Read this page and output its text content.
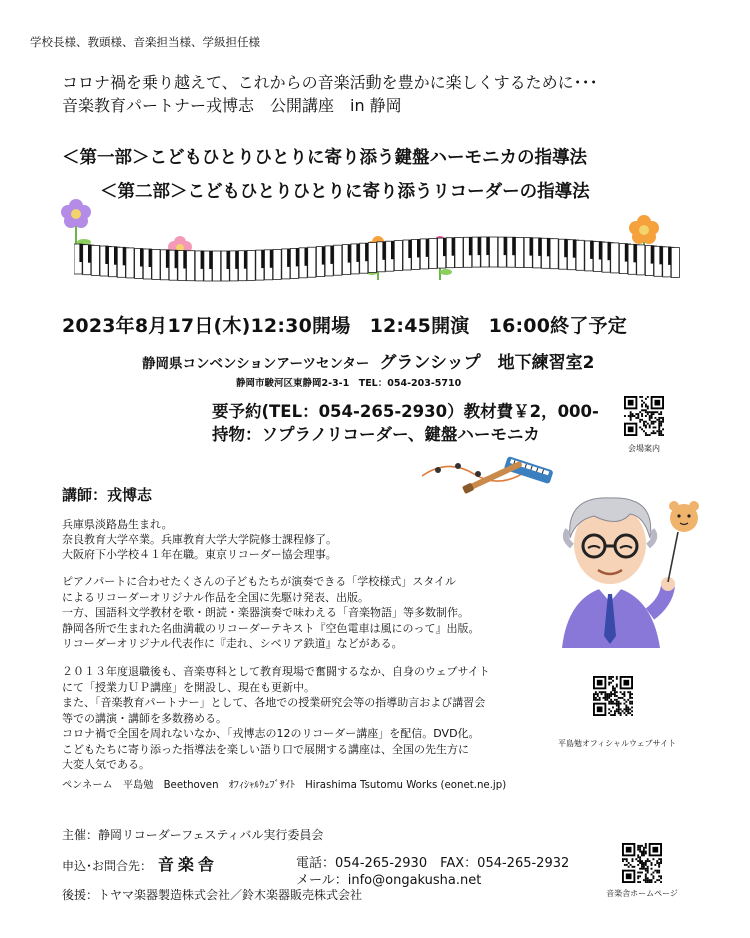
学校長様、教頭様、音楽担当様、学級担任様
コロナ禍を乗り越えて、これからの音楽活動を豊かに楽しくするために･･･
音楽教育パートナー戎博志　公開講座　in 静岡
＜第一部＞こどもひとりひとりに寄り添う鍵盤ハーモニカの指導法
＜第二部＞こどもひとりひとりに寄り添うリコーダーの指導法
2023年8月17日(木)12:30開場　12:45開演　16:00終了予定
静岡県コンベンションアーツセンター グランシップ　地下練習室2
静岡市駿河区東静岡2-3-1　TEL：054-203-5710
要予約(TEL：054-265-2930）教材費￥2，000-
持物：ソプラノリコーダー、鍵盤ハーモニカ
会場案内
講師：戎博志
兵庫県淡路島生まれ。
奈良教育大学卒業。兵庫教育大学大学院修士課程修了。
大阪府下小学校４１年在職。東京リコーダー協会理事。
ピアノパートに合わせたくさんの子どもたちが演奏できる「学校様式」スタイル
によるリコーダーオリジナル作品を全国に先駆け発表、出版。
一方、国語科文学教材を歌・朗読・楽器演奏で味わえる「音楽物語」等多数制作。
静岡各所で生まれた名曲満載のリコーダーテキスト『空色電車は風にのって』出版。
リコーダーオリジナル代表作に『走れ、シベリア鉄道』などがある。
２０１３年度退職後も、音楽専科として教育現場で奮闘するなか、自身のウェブサイト
にて「授業力ＵＰ講座」を開設し、現在も更新中。
また、「音楽教育パートナー」として、各地での授業研究会等の指導助言および講習会
等での講演・講師を多数務める。
コロナ禍で全国を周れないなか、「戎博志の12のリコーダー講座」を配信。DVD化。
こどもたちに寄り添った指導法を楽しい語り口で展開する講座は、全国の先生方に
大変人気である。
ペンネーム　平島勉　Beethoven　ｵﾌｨｼｬﾙｳｪﾌﾞｻｲﾄ　Hirashima Tsutomu Works (eonet.ne.jp)
平島勉オフィシャルウェブサイト
主催：静岡リコーダーフェスティバル実行委員会
申込･お問合先： 音楽舎	電話：054-265-2930　FAX：054-265-2932
メール：info@ongakusha.net
後援：トヤマ楽器製造株式会社／鈴木楽器販売株式会社	音楽舎ホームページ
